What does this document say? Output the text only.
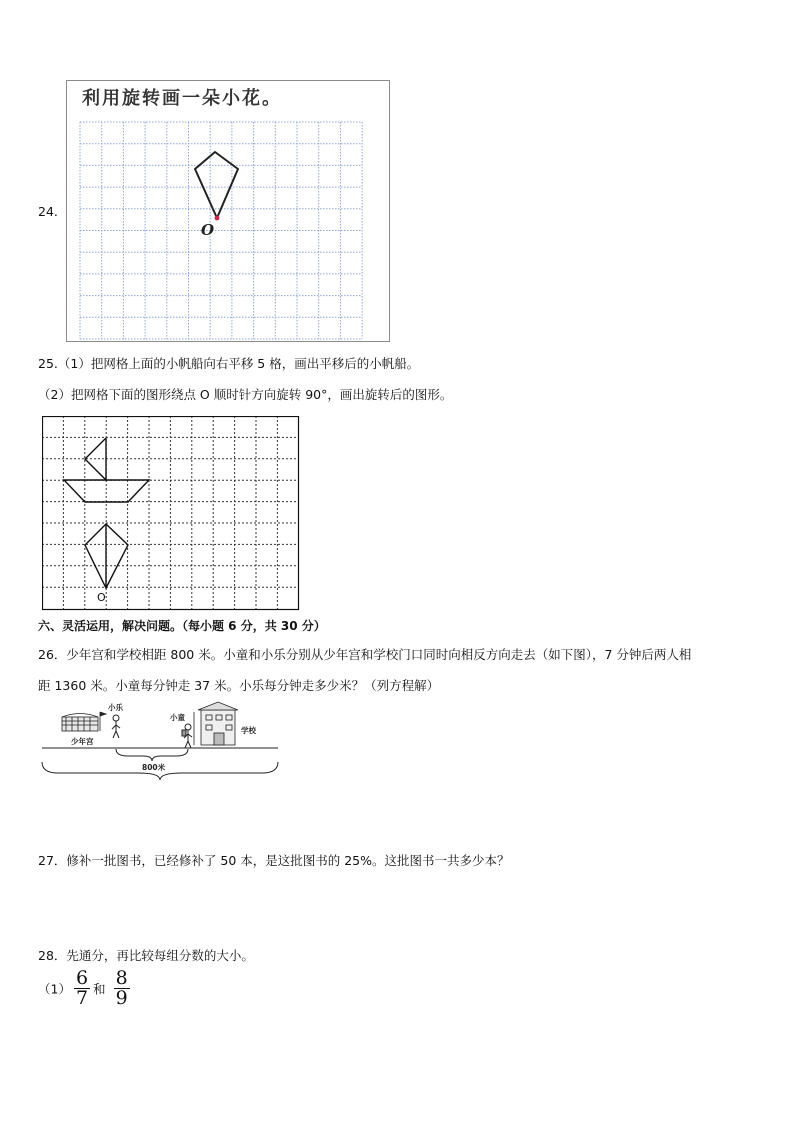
24.
O
利用旋转画一朵小花。
25.（1）把网格上面的小帆船向右平移 5 格，画出平移后的小帆船。
（2）把网格下面的图形绕点 O 顺时针方向旋转 90°，画出旋转后的图形。
O
六、灵活运用，解决问题。（每小题 6 分，共 30 分）
26．少年宫和学校相距 800 米。小童和小乐分别从少年宫和学校门口同时向相反方向走去（如下图），7 分钟后两人相
距 1360 米。小童每分钟走 37 米。小乐每分钟走多少米？（列方程解）
小乐
少年宫
小童
学校
800米
27．修补一批图书，已经修补了 50 本，是这批图书的 25%。这批图书一共多少本？
28．先通分，再比较每组分数的大小。
$(1) \frac{6}{7}$ 和 $\frac{8}{9}$
